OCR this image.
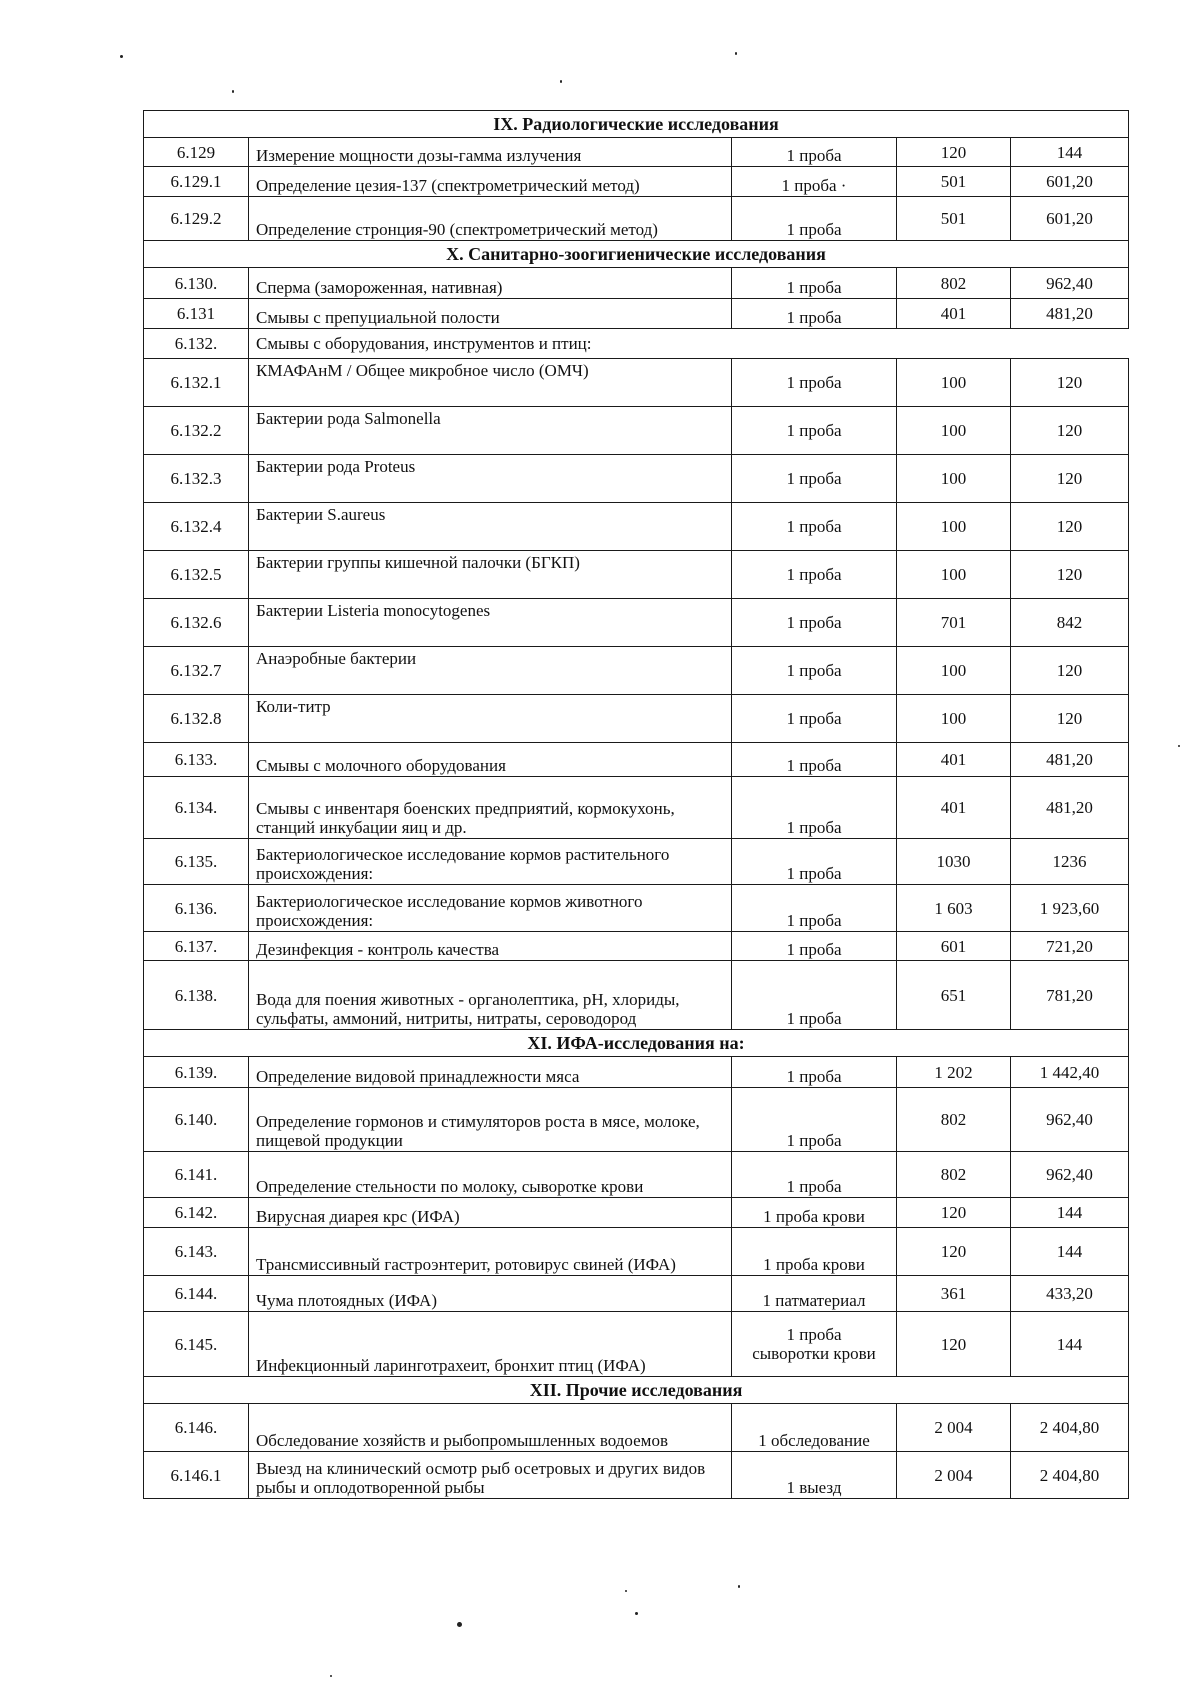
IX. Радиологические исследования				
6.129	Измерение мощности дозы-гамма излучения	1 проба	120	144
6.129.1	Определение цезия-137 (спектрометрический метод)	1 проба ·	501	601,20
6.129.2	Определение стронция-90 (спектрометрический метод)	1 проба	501	601,20
X. Санитарно-зоогигиенические исследования				
6.130.	Сперма (замороженная, нативная)	1 проба	802	962,40
6.131	Смывы с препуциальной полости	1 проба	401	481,20
6.132.	Смывы с оборудования, инструментов и птиц:			
6.132.1	КМАФАнМ / Общее микробное число (ОМЧ)	1 проба	100	120
6.132.2	Бактерии рода Salmonella	1 проба	100	120
6.132.3	Бактерии рода Proteus	1 проба	100	120
6.132.4	Бактерии S.aureus	1 проба	100	120
6.132.5	Бактерии группы кишечной палочки (БГКП)	1 проба	100	120
6.132.6	Бактерии Listeria monocytogenes	1 проба	701	842
6.132.7	Анаэробные бактерии	1 проба	100	120
6.132.8	Коли-титр	1 проба	100	120
6.133.	Смывы с молочного оборудования	1 проба	401	481,20
6.134.	Смывы с инвентаря боенских предприятий, кормокухонь, станций инкубации яиц и др.	1 проба	401	481,20
6.135.	Бактериологическое исследование кормов растительного происхождения:	1 проба	1030	1236
6.136.	Бактериологическое исследование кормов животного происхождения:	1 проба	1 603	1 923,60
6.137.	Дезинфекция - контроль качества	1 проба	601	721,20
6.138.	Вода для поения животных - органолептика, pH, хлориды, сульфаты, аммоний, нитриты, нитраты, сероводород	1 проба	651	781,20
XI. ИФА-исследования на:				
6.139.	Определение видовой принадлежности мяса	1 проба	1 202	1 442,40
6.140.	Определение гормонов и стимуляторов роста в мясе, молоке, пищевой продукции	1 проба	802	962,40
6.141.	Определение стельности по молоку, сыворотке крови	1 проба	802	962,40
6.142.	Вирусная диарея крс (ИФА)	1 проба крови	120	144
6.143.	Трансмиссивный гастроэнтерит, ротовирус свиней (ИФА)	1 проба крови	120	144
6.144.	Чума плотоядных (ИФА)	1 патматериал	361	433,20
6.145.	Инфекционный ларинготрахеит, бронхит птиц (ИФА)	1 проба сыворотки крови	120	144
XII. Прочие исследования				
6.146.	Обследование хозяйств и рыбопромышленных водоемов	1 обследование	2 004	2 404,80
6.146.1	Выезд на клинический осмотр рыб осетровых и других видов рыбы и оплодотворенной рыбы	1 выезд	2 004	2 404,80
